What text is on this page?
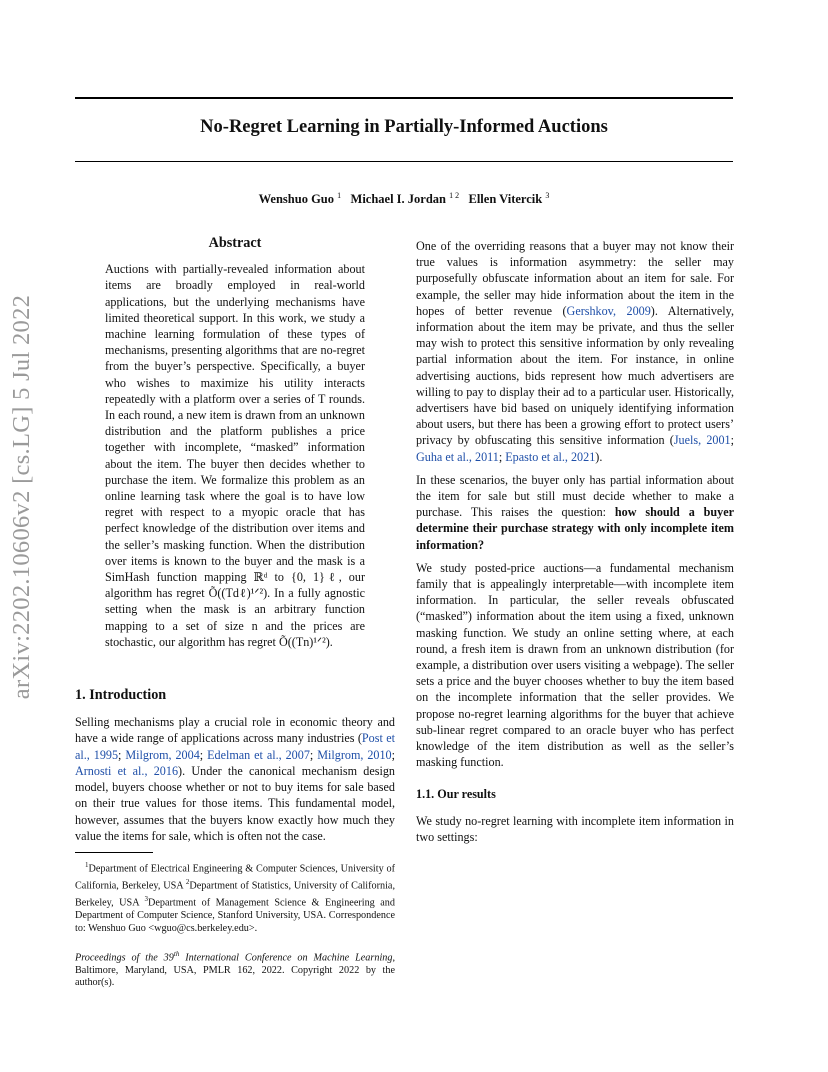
No-Regret Learning in Partially-Informed Auctions
Wenshuo Guo $^1$ Michael I. Jordan $^{1 2}$ Ellen Vitercik $^3$
arXiv:2202.10606v2 [cs.LG] 5 Jul 2022
Abstract
Auctions with partially-revealed information about items are broadly employed in real-world applications, but the underlying mechanisms have limited theoretical support. In this work, we study a machine learning formulation of these types of mechanisms, presenting algorithms that are no-regret from the buyer’s perspective. Specifically, a buyer who wishes to maximize his utility interacts repeatedly with a platform over a series of T rounds. In each round, a new item is drawn from an unknown distribution and the platform publishes a price together with incomplete, “masked” information about the item. The buyer then decides whether to purchase the item. We formalize this problem as an online learning task where the goal is to have low regret with respect to a myopic oracle that has perfect knowledge of the distribution over items and the seller’s masking function. When the distribution over items is known to the buyer and the mask is a SimHash function mapping ℝᵈ to {0, 1}ℓ, our algorithm has regret Õ((Tdℓ)¹ᐟ²). In a fully agnostic setting when the mask is an arbitrary function mapping to a set of size n and the prices are stochastic, our algorithm has regret Õ((Tn)¹ᐟ²).
1. Introduction
Selling mechanisms play a crucial role in economic theory and have a wide range of applications across many industries (Post et al., 1995; Milgrom, 2004; Edelman et al., 2007; Milgrom, 2010; Arnosti et al., 2016). Under the canonical mechanism design model, buyers choose whether or not to buy items for sale based on their true values for those items. This fundamental model, however, assumes that the buyers know exactly how much they value the items for sale, which is often not the case.
$^1$Department of Electrical Engineering & Computer Sciences, University of California, Berkeley, USA $^2$Department of Statistics, University of California, Berkeley, USA $^3$Department of Management Science & Engineering and Department of Computer Science, Stanford University, USA. Correspondence to: Wenshuo Guo <wguo@cs.berkeley.edu>.
Proceedings of the 39th International Conference on Machine Learning, Baltimore, Maryland, USA, PMLR 162, 2022. Copyright 2022 by the author(s).
One of the overriding reasons that a buyer may not know their true values is information asymmetry: the seller may purposefully obfuscate information about an item for sale. For example, the seller may hide information about the item in the hopes of better revenue (Gershkov, 2009). Alternatively, information about the item may be private, and thus the seller may wish to protect this sensitive information by only revealing partial information about the item. For instance, in online advertising auctions, bids represent how much advertisers are willing to pay to display their ad to a particular user. Historically, advertisers have bid based on uniquely identifying information about users, but there has been a growing effort to protect users’ privacy by obfuscating this sensitive information (Juels, 2001; Guha et al., 2011; Epasto et al., 2021).
In these scenarios, the buyer only has partial information about the item for sale but still must decide whether to make a purchase. This raises the question: how should a buyer determine their purchase strategy with only incomplete item information?
We study posted-price auctions—a fundamental mechanism family that is appealingly interpretable—with incomplete item information. In particular, the seller reveals obfuscated (“masked”) information about the item using a fixed, unknown masking function. We study an online setting where, at each round, a fresh item is drawn from an unknown distribution (for example, a distribution over users visiting a webpage). The seller sets a price and the buyer chooses whether to buy the item based on the incomplete information that the seller provides. We propose no-regret learning algorithms for the buyer that achieve sub-linear regret compared to an oracle buyer who has perfect knowledge of the item distribution as well as the seller’s masking function.
1.1. Our results
We study no-regret learning with incomplete item information in two settings:
